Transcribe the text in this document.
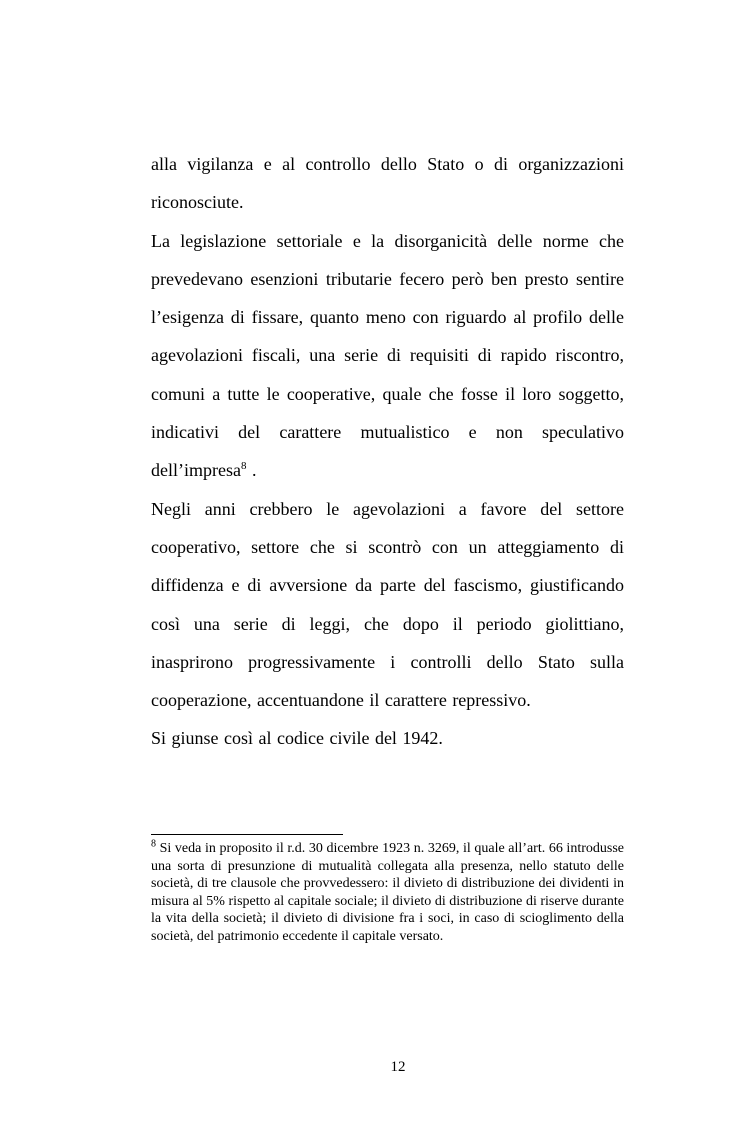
alla vigilanza e al controllo dello Stato o di organizzazioni riconosciute.

La legislazione settoriale e la disorganicità delle norme che prevedevano esenzioni tributarie fecero però ben presto sentire l’esigenza di fissare, quanto meno con riguardo al profilo delle agevolazioni fiscali, una serie di requisiti di rapido riscontro, comuni a tutte le cooperative, quale che fosse il loro soggetto, indicativi del carattere mutualistico e non speculativo dell’impresa$^8$ .

Negli anni crebbero le agevolazioni a favore del settore cooperativo, settore che si scontrò con un atteggiamento di diffidenza e di avversione da parte del fascismo, giustificando così una serie di leggi, che dopo il periodo giolittiano, inasprirono progressivamente i controlli dello Stato sulla cooperazione, accentuandone il carattere repressivo.

Si giunse così al codice civile del 1942.

$^8$ Si veda in proposito il r.d. 30 dicembre 1923 n. 3269, il quale all’art. 66 introdusse una sorta di presunzione di mutualità collegata alla presenza, nello statuto delle società, di tre clausole che provvedessero: il divieto di distribuzione dei dividenti in misura al 5% rispetto al capitale sociale; il divieto di distribuzione di riserve durante la vita della società; il divieto di divisione fra i soci, in caso di scioglimento della società, del patrimonio eccedente il capitale versato.

12
